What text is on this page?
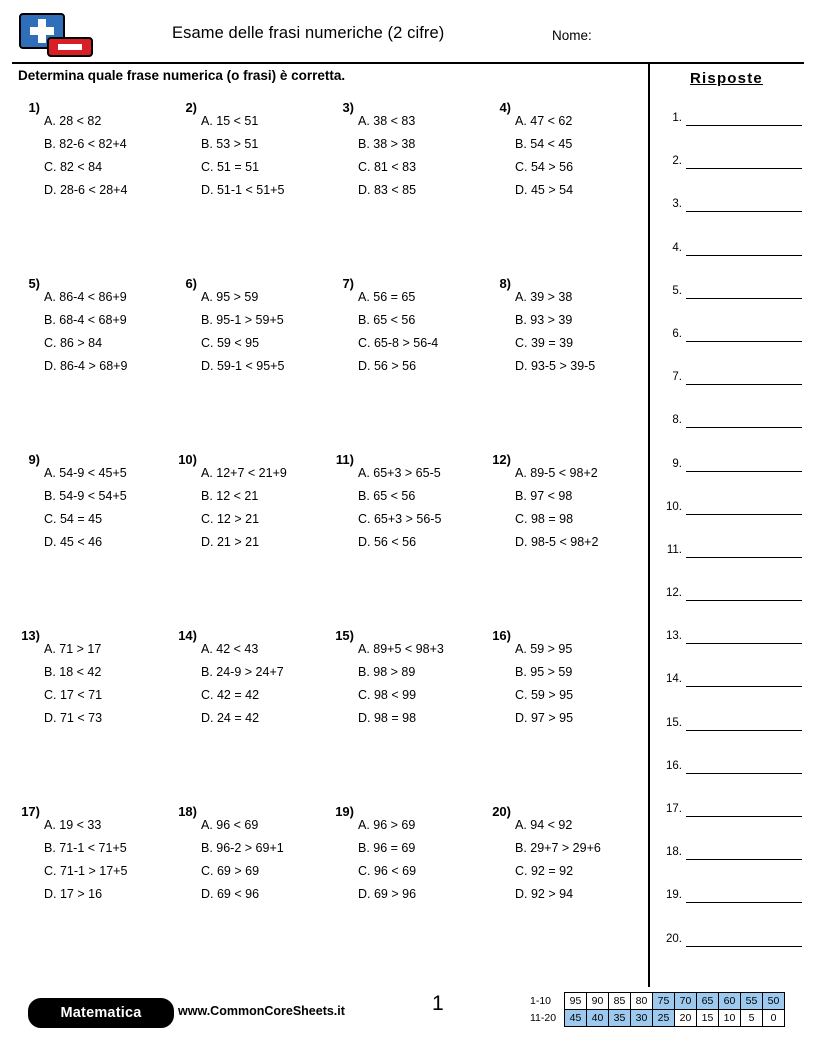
Esame delle frasi numeriche (2 cifre)	Nome:
Determina quale frase numerica (o frasi) è corretta.
1)
A. 28 < 82
B. 82-6 < 82+4
C. 82 < 84
D. 28-6 < 28+4
2)
A. 15 < 51
B. 53 > 51
C. 51 = 51
D. 51-1 < 51+5
3)
A. 38 < 83
B. 38 > 38
C. 81 < 83
D. 83 < 85
4)
A. 47 < 62
B. 54 < 45
C. 54 > 56
D. 45 > 54
5)
A. 86-4 < 86+9
B. 68-4 < 68+9
C. 86 > 84
D. 86-4 > 68+9
6)
A. 95 > 59
B. 95-1 > 59+5
C. 59 < 95
D. 59-1 < 95+5
7)
A. 56 = 65
B. 65 < 56
C. 65-8 > 56-4
D. 56 > 56
8)
A. 39 > 38
B. 93 > 39
C. 39 = 39
D. 93-5 > 39-5
9)
A. 54-9 < 45+5
B. 54-9 < 54+5
C. 54 = 45
D. 45 < 46
10)
A. 12+7 < 21+9
B. 12 < 21
C. 12 > 21
D. 21 > 21
11)
A. 65+3 > 65-5
B. 65 < 56
C. 65+3 > 56-5
D. 56 < 56
12)
A. 89-5 < 98+2
B. 97 < 98
C. 98 = 98
D. 98-5 < 98+2
13)
A. 71 > 17
B. 18 < 42
C. 17 < 71
D. 71 < 73
14)
A. 42 < 43
B. 24-9 > 24+7
C. 42 = 42
D. 24 = 42
15)
A. 89+5 < 98+3
B. 98 > 89
C. 98 < 99
D. 98 = 98
16)
A. 59 > 95
B. 95 > 59
C. 59 > 95
D. 97 > 95
17)
A. 19 < 33
B. 71-1 < 71+5
C. 71-1 > 17+5
D. 17 > 16
18)
A. 96 < 69
B. 96-2 > 69+1
C. 69 > 69
D. 69 < 96
19)
A. 96 > 69
B. 96 = 69
C. 96 < 69
D. 69 > 96
20)
A. 94 < 92
B. 29+7 > 29+6
C. 92 = 92
D. 92 > 94
Risposte
1.
2.
3.
4.
5.
6.
7.
8.
9.
10.
11.
12.
13.
14.
15.
16.
17.
18.
19.
20.
Matematica	www.CommonCoreSheets.it	1	1-10	95	90	85	80	75	70	65	60	55	50
11-20	45	40	35	30	25	20	15	10	5	0
